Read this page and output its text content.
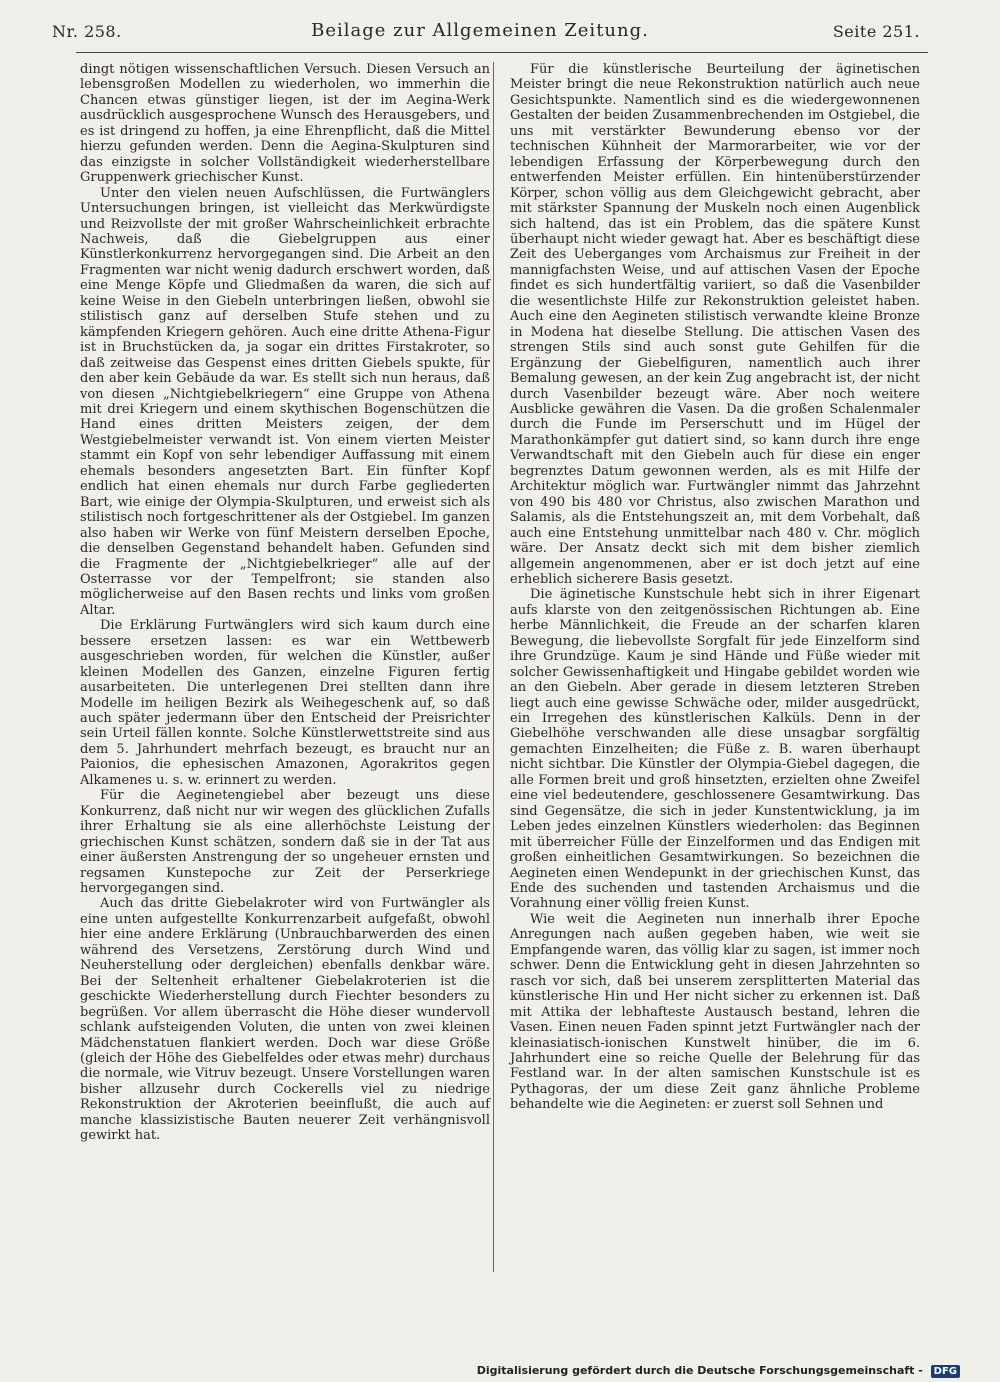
Nr. 258.	Beilage zur Allgemeinen Zeitung.	Seite 251.

dingt nötigen wissenschaftlichen Versuch. Diesen Versuch an lebensgroßen Modellen zu wiederholen, wo immerhin die Chancen etwas günstiger liegen, ist der im Aegina-Werk ausdrücklich ausgesprochene Wunsch des Herausgebers, und es ist dringend zu hoffen, ja eine Ehrenpflicht, daß die Mittel hierzu gefunden werden. Denn die Aegina-Skulpturen sind das einzigste in solcher Vollständigkeit wiederherstellbare Gruppenwerk griechischer Kunst.

Unter den vielen neuen Aufschlüssen, die Furtwänglers Untersuchungen bringen, ist vielleicht das Merkwürdigste und Reizvollste der mit großer Wahrscheinlichkeit erbrachte Nachweis, daß die Giebelgruppen aus einer Künstlerkonkurrenz hervorgegangen sind. Die Arbeit an den Fragmenten war nicht wenig dadurch erschwert worden, daß eine Menge Köpfe und Gliedmaßen da waren, die sich auf keine Weise in den Giebeln unterbringen ließen, obwohl sie stilistisch ganz auf derselben Stufe stehen und zu kämpfenden Kriegern gehören. Auch eine dritte Athena-Figur ist in Bruchstücken da, ja sogar ein drittes Firstakroter, so daß zeitweise das Gespenst eines dritten Giebels spukte, für den aber kein Gebäude da war. Es stellt sich nun heraus, daß von diesen „Nichtgiebelkriegern“ eine Gruppe von Athena mit drei Kriegern und einem skythischen Bogenschützen die Hand eines dritten Meisters zeigen, der dem Westgiebelmeister verwandt ist. Von einem vierten Meister stammt ein Kopf von sehr lebendiger Auffassung mit einem ehemals besonders angesetzten Bart. Ein fünfter Kopf endlich hat einen ehemals nur durch Farbe gegliederten Bart, wie einige der Olympia-Skulpturen, und erweist sich als stilistisch noch fortgeschrittener als der Ostgiebel. Im ganzen also haben wir Werke von fünf Meistern derselben Epoche, die denselben Gegenstand behandelt haben. Gefunden sind die Fragmente der „Nichtgiebelkrieger“ alle auf der Osterrasse vor der Tempelfront; sie standen also möglicherweise auf den Basen rechts und links vom großen Altar.

Die Erklärung Furtwänglers wird sich kaum durch eine bessere ersetzen lassen: es war ein Wettbewerb ausgeschrieben worden, für welchen die Künstler, außer kleinen Modellen des Ganzen, einzelne Figuren fertig ausarbeiteten. Die unterlegenen Drei stellten dann ihre Modelle im heiligen Bezirk als Weihegeschenk auf, so daß auch später jedermann über den Entscheid der Preisrichter sein Urteil fällen konnte. Solche Künstlerwettstreite sind aus dem 5. Jahrhundert mehrfach bezeugt, es braucht nur an Paionios, die ephesischen Amazonen, Agorakritos gegen Alkamenes u. s. w. erinnert zu werden.

Für die Aeginetengiebel aber bezeugt uns diese Konkurrenz, daß nicht nur wir wegen des glücklichen Zufalls ihrer Erhaltung sie als eine allerhöchste Leistung der griechischen Kunst schätzen, sondern daß sie in der Tat aus einer äußersten Anstrengung der so ungeheuer ernsten und regsamen Kunstepoche zur Zeit der Perserkriege hervorgegangen sind.

Auch das dritte Giebelakroter wird von Furtwängler als eine unten aufgestellte Konkurrenzarbeit aufgefaßt, obwohl hier eine andere Erklärung (Unbrauchbarwerden des einen während des Versetzens, Zerstörung durch Wind und Neuherstellung oder dergleichen) ebenfalls denkbar wäre. Bei der Seltenheit erhaltener Giebelakroterien ist die geschickte Wiederherstellung durch Fiechter besonders zu begrüßen. Vor allem überrascht die Höhe dieser wundervoll schlank aufsteigenden Voluten, die unten von zwei kleinen Mädchenstatuen flankiert werden. Doch war diese Größe (gleich der Höhe des Giebelfeldes oder etwas mehr) durchaus die normale, wie Vitruv bezeugt. Unsere Vorstellungen waren bisher allzusehr durch Cockerells viel zu niedrige Rekonstruktion der Akroterien beeinflußt, die auch auf manche klassizistische Bauten neuerer Zeit verhängnisvoll gewirkt hat.

Für die künstlerische Beurteilung der äginetischen Meister bringt die neue Rekonstruktion natürlich auch neue Gesichtspunkte. Namentlich sind es die wiedergewonnenen Gestalten der beiden Zusammenbrechenden im Ostgiebel, die uns mit verstärkter Bewunderung ebenso vor der technischen Kühnheit der Marmorarbeiter, wie vor der lebendigen Erfassung der Körperbewegung durch den entwerfenden Meister erfüllen. Ein hintenüberstürzender Körper, schon völlig aus dem Gleichgewicht gebracht, aber mit stärkster Spannung der Muskeln noch einen Augenblick sich haltend, das ist ein Problem, das die spätere Kunst überhaupt nicht wieder gewagt hat. Aber es beschäftigt diese Zeit des Ueberganges vom Archaismus zur Freiheit in der mannigfachsten Weise, und auf attischen Vasen der Epoche findet es sich hundertfältig variiert, so daß die Vasenbilder die wesentlichste Hilfe zur Rekonstruktion geleistet haben. Auch eine den Aegineten stilistisch verwandte kleine Bronze in Modena hat dieselbe Stellung. Die attischen Vasen des strengen Stils sind auch sonst gute Gehilfen für die Ergänzung der Giebelfiguren, namentlich auch ihrer Bemalung gewesen, an der kein Zug angebracht ist, der nicht durch Vasenbilder bezeugt wäre. Aber noch weitere Ausblicke gewähren die Vasen. Da die großen Schalenmaler durch die Funde im Perserschutt und im Hügel der Marathonkämpfer gut datiert sind, so kann durch ihre enge Verwandtschaft mit den Giebeln auch für diese ein enger begrenztes Datum gewonnen werden, als es mit Hilfe der Architektur möglich war. Furtwängler nimmt das Jahrzehnt von 490 bis 480 vor Christus, also zwischen Marathon und Salamis, als die Entstehungszeit an, mit dem Vorbehalt, daß auch eine Entstehung unmittelbar nach 480 v. Chr. möglich wäre. Der Ansatz deckt sich mit dem bisher ziemlich allgemein angenommenen, aber er ist doch jetzt auf eine erheblich sicherere Basis gesetzt.

Die äginetische Kunstschule hebt sich in ihrer Eigenart aufs klarste von den zeitgenössischen Richtungen ab. Eine herbe Männlichkeit, die Freude an der scharfen klaren Bewegung, die liebevollste Sorgfalt für jede Einzelform sind ihre Grundzüge. Kaum je sind Hände und Füße wieder mit solcher Gewissenhaftigkeit und Hingabe gebildet worden wie an den Giebeln. Aber gerade in diesem letzteren Streben liegt auch eine gewisse Schwäche oder, milder ausgedrückt, ein Irregehen des künstlerischen Kalküls. Denn in der Giebelhöhe verschwanden alle diese unsagbar sorgfältig gemachten Einzelheiten; die Füße z. B. waren überhaupt nicht sichtbar. Die Künstler der Olympia-Giebel dagegen, die alle Formen breit und groß hinsetzten, erzielten ohne Zweifel eine viel bedeutendere, geschlossenere Gesamtwirkung. Das sind Gegensätze, die sich in jeder Kunstentwicklung, ja im Leben jedes einzelnen Künstlers wiederholen: das Beginnen mit überreicher Fülle der Einzelformen und das Endigen mit großen einheitlichen Gesamtwirkungen. So bezeichnen die Aegineten einen Wendepunkt in der griechischen Kunst, das Ende des suchenden und tastenden Archaismus und die Vorahnung einer völlig freien Kunst.

Wie weit die Aegineten nun innerhalb ihrer Epoche Anregungen nach außen gegeben haben, wie weit sie Empfangende waren, das völlig klar zu sagen, ist immer noch schwer. Denn die Entwicklung geht in diesen Jahrzehnten so rasch vor sich, daß bei unserem zersplitterten Material das künstlerische Hin und Her nicht sicher zu erkennen ist. Daß mit Attika der lebhafteste Austausch bestand, lehren die Vasen. Einen neuen Faden spinnt jetzt Furtwängler nach der kleinasiatisch-ionischen Kunstwelt hinüber, die im 6. Jahrhundert eine so reiche Quelle der Belehrung für das Festland war. In der alten samischen Kunstschule ist es Pythagoras, der um diese Zeit ganz ähnliche Probleme behandelte wie die Aegineten: er zuerst soll Sehnen und

Digitalisierung gefördert durch die Deutsche Forschungsgemeinschaft - DFG
